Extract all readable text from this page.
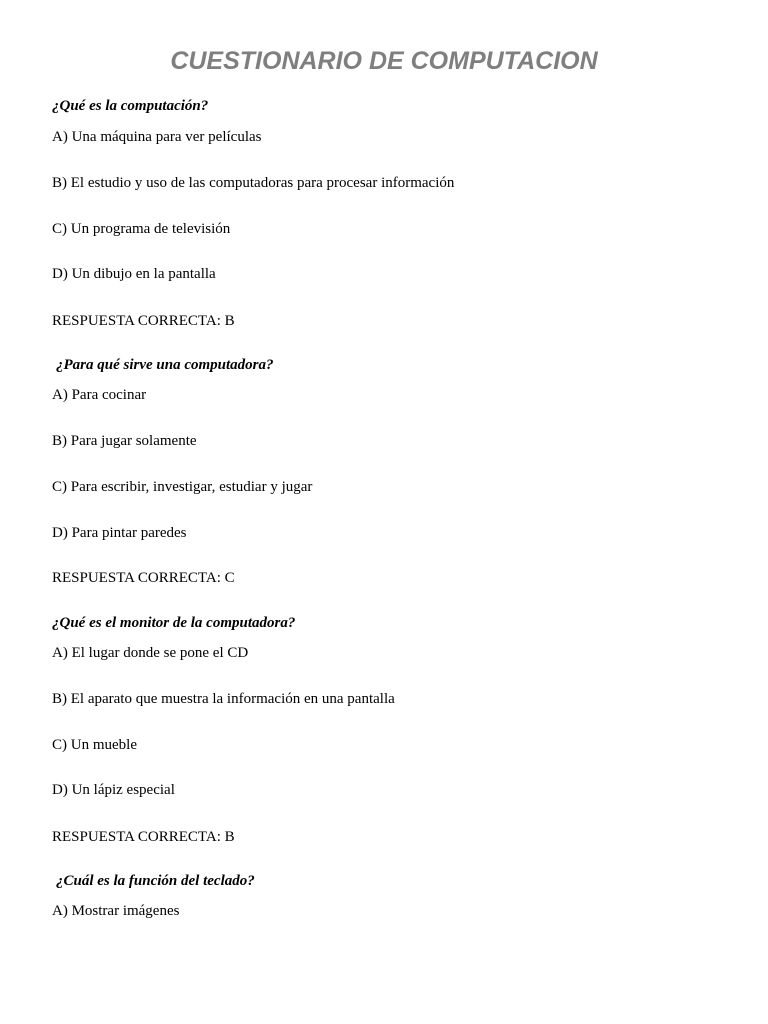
CUESTIONARIO DE COMPUTACION

¿Qué es la computación?

A) Una máquina para ver películas

B) El estudio y uso de las computadoras para procesar información

C) Un programa de televisión

D) Un dibujo en la pantalla

RESPUESTA CORRECTA: B

¿Para qué sirve una computadora?

A) Para cocinar

B) Para jugar solamente

C) Para escribir, investigar, estudiar y jugar

D) Para pintar paredes

RESPUESTA CORRECTA: C

¿Qué es el monitor de la computadora?

A) El lugar donde se pone el CD

B) El aparato que muestra la información en una pantalla

C) Un mueble

D) Un lápiz especial

RESPUESTA CORRECTA: B

¿Cuál es la función del teclado?

A) Mostrar imágenes
